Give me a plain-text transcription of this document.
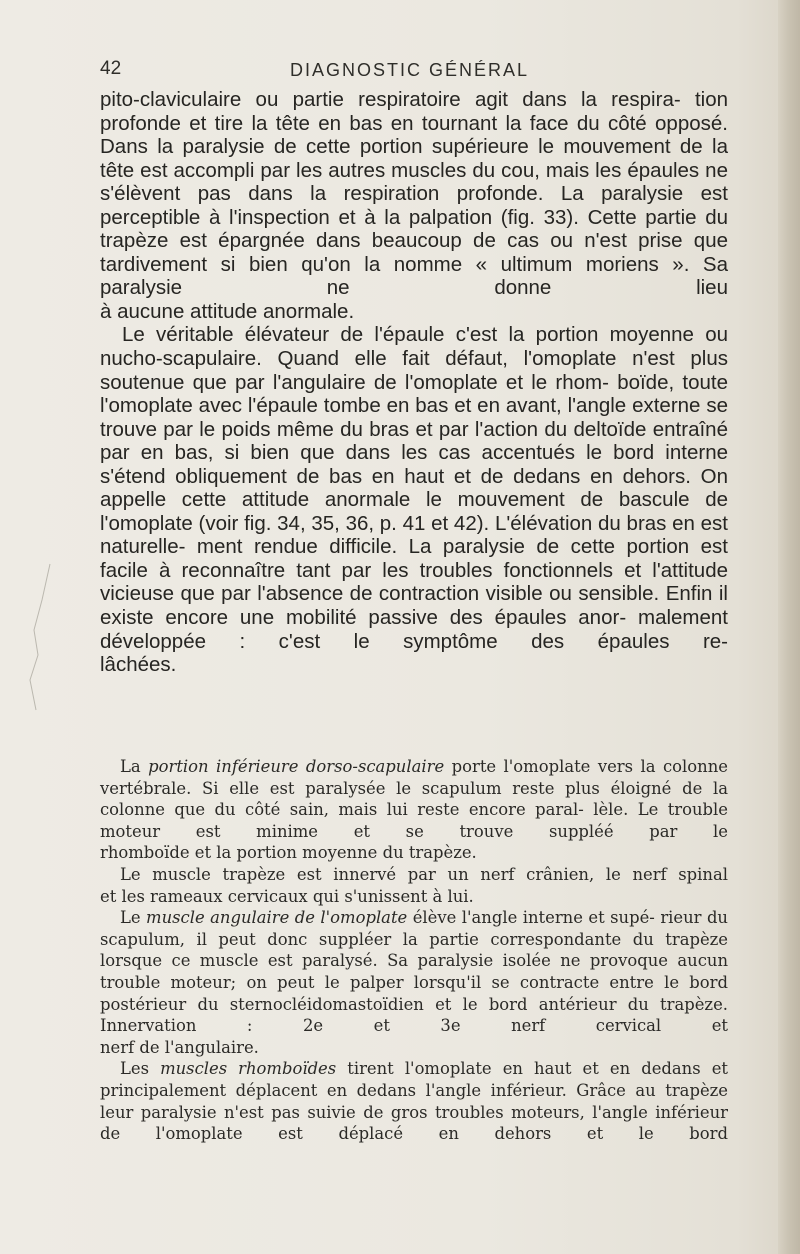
42	DIAGNOSTIC GÉNÉRAL

pito-claviculaire ou partie respiratoire agit dans la respira- tion profonde et tire la tête en bas en tournant la face du côté opposé. Dans la paralysie de cette portion supérieure le mouvement de la tête est accompli par les autres muscles du cou, mais les épaules ne s'élèvent pas dans la respiration profonde. La paralysie est perceptible à l'inspection et à la palpation (fig. 33). Cette partie du trapèze est épargnée dans beaucoup de cas ou n'est prise que tardivement si bien qu'on la nomme « ultimum moriens ». Sa paralysie ne donne lieu

à aucune attitude anormale.

Le véritable élévateur de l'épaule c'est la portion moyenne ou nucho-scapulaire. Quand elle fait défaut, l'omoplate n'est plus soutenue que par l'angulaire de l'omoplate et le rhom- boïde, toute l'omoplate avec l'épaule tombe en bas et en avant, l'angle externe se trouve par le poids même du bras et par l'action du deltoïde entraîné par en bas, si bien que dans les cas accentués le bord interne s'étend obliquement de bas en haut et de dedans en dehors. On appelle cette attitude anormale le mouvement de bascule de l'omoplate (voir fig. 34, 35, 36, p. 41 et 42). L'élévation du bras en est naturelle- ment rendue difficile. La paralysie de cette portion est facile à reconnaître tant par les troubles fonctionnels et l'attitude vicieuse que par l'absence de contraction visible ou sensible. Enfin il existe encore une mobilité passive des épaules anor- malement développée : c'est le symptôme des épaules re-

lâchées.

La portion inférieure dorso-scapulaire porte l'omoplate vers la colonne vertébrale. Si elle est paralysée le scapulum reste plus éloigné de la colonne que du côté sain, mais lui reste encore paral- lèle. Le trouble moteur est minime et se trouve suppléé par le

rhomboïde et la portion moyenne du trapèze.

Le muscle trapèze est innervé par un nerf crânien, le nerf spinal

et les rameaux cervicaux qui s'unissent à lui.

Le muscle angulaire de l'omoplate élève l'angle interne et supé- rieur du scapulum, il peut donc suppléer la partie correspondante du trapèze lorsque ce muscle est paralysé. Sa paralysie isolée ne provoque aucun trouble moteur; on peut le palper lorsqu'il se contracte entre le bord postérieur du sternocléidomastoïdien et le bord antérieur du trapèze. Innervation : 2e et 3e nerf cervical et

nerf de l'angulaire.

Les muscles rhomboïdes tirent l'omoplate en haut et en dedans et principalement déplacent en dedans l'angle inférieur. Grâce au trapèze leur paralysie n'est pas suivie de gros troubles moteurs, l'angle inférieur de l'omoplate est déplacé en dehors et le bord
